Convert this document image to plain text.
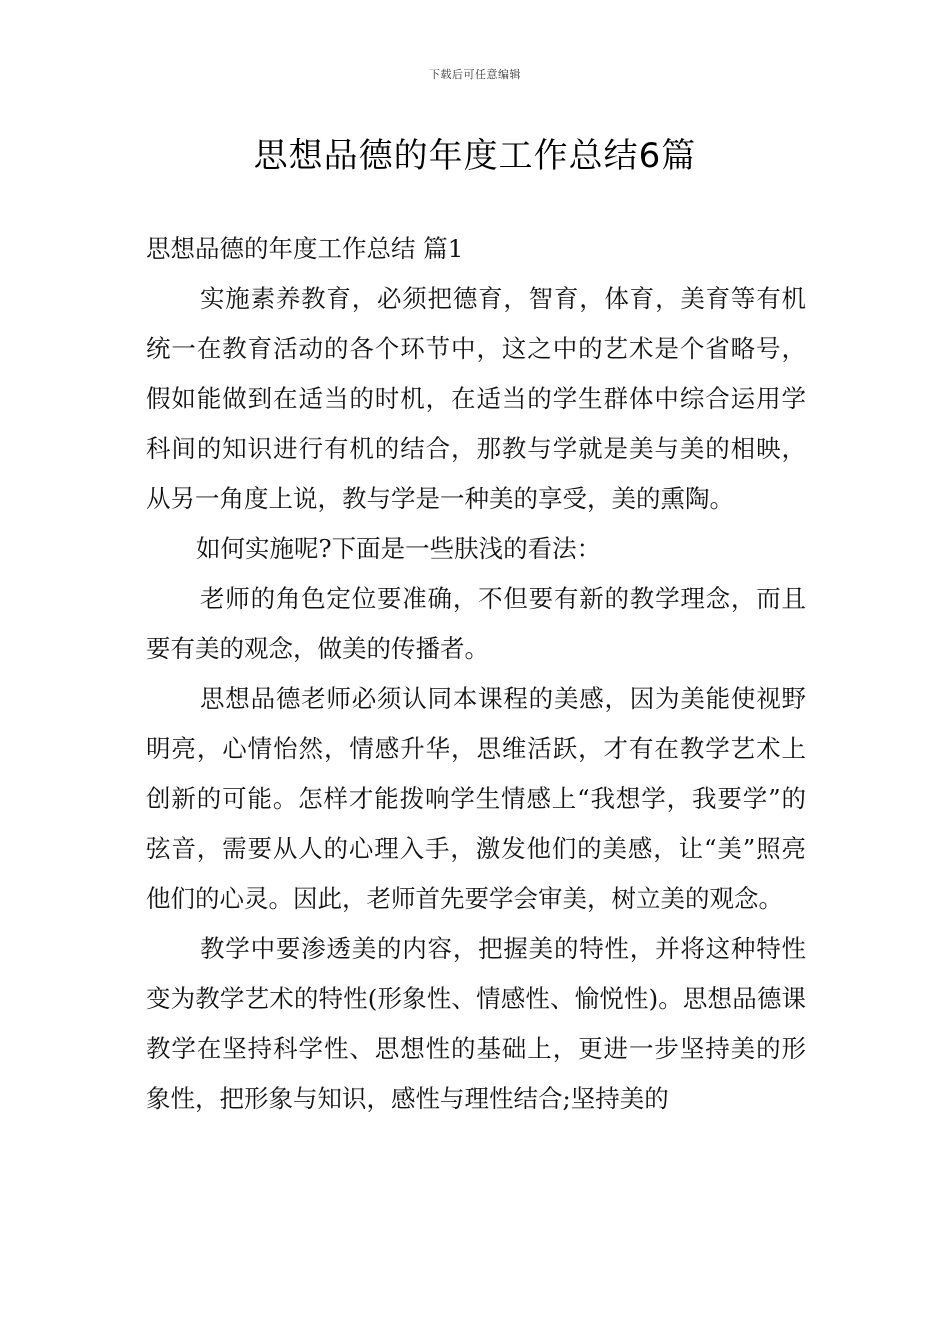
下载后可任意编辑
思想品德的年度工作总结6篇
思想品德的年度工作总结 篇1

实施素养教育，必须把德育，智育，体育，美育等有机统一在教育活动的各个环节中，这之中的艺术是个省略号，假如能做到在适当的时机，在适当的学生群体中综合运用学科间的知识进行有机的结合，那教与学就是美与美的相映，从另一角度上说，教与学是一种美的享受，美的熏陶。

如何实施呢?下面是一些肤浅的看法：

老师的角色定位要准确，不但要有新的教学理念，而且要有美的观念，做美的传播者。

思想品德老师必须认同本课程的美感，因为美能使视野明亮，心情怡然，情感升华，思维活跃，才有在教学艺术上创新的可能。怎样才能拨响学生情感上“我想学，我要学”的弦音，需要从人的心理入手，激发他们的美感，让“美”照亮他们的心灵。因此，老师首先要学会审美，树立美的观念。

教学中要渗透美的内容，把握美的特性，并将这种特性变为教学艺术的特性(形象性、情感性、愉悦性)。思想品德课教学在坚持科学性、思想性的基础上，更进一步坚持美的形象性，把形象与知识，感性与理性结合;坚持美的
